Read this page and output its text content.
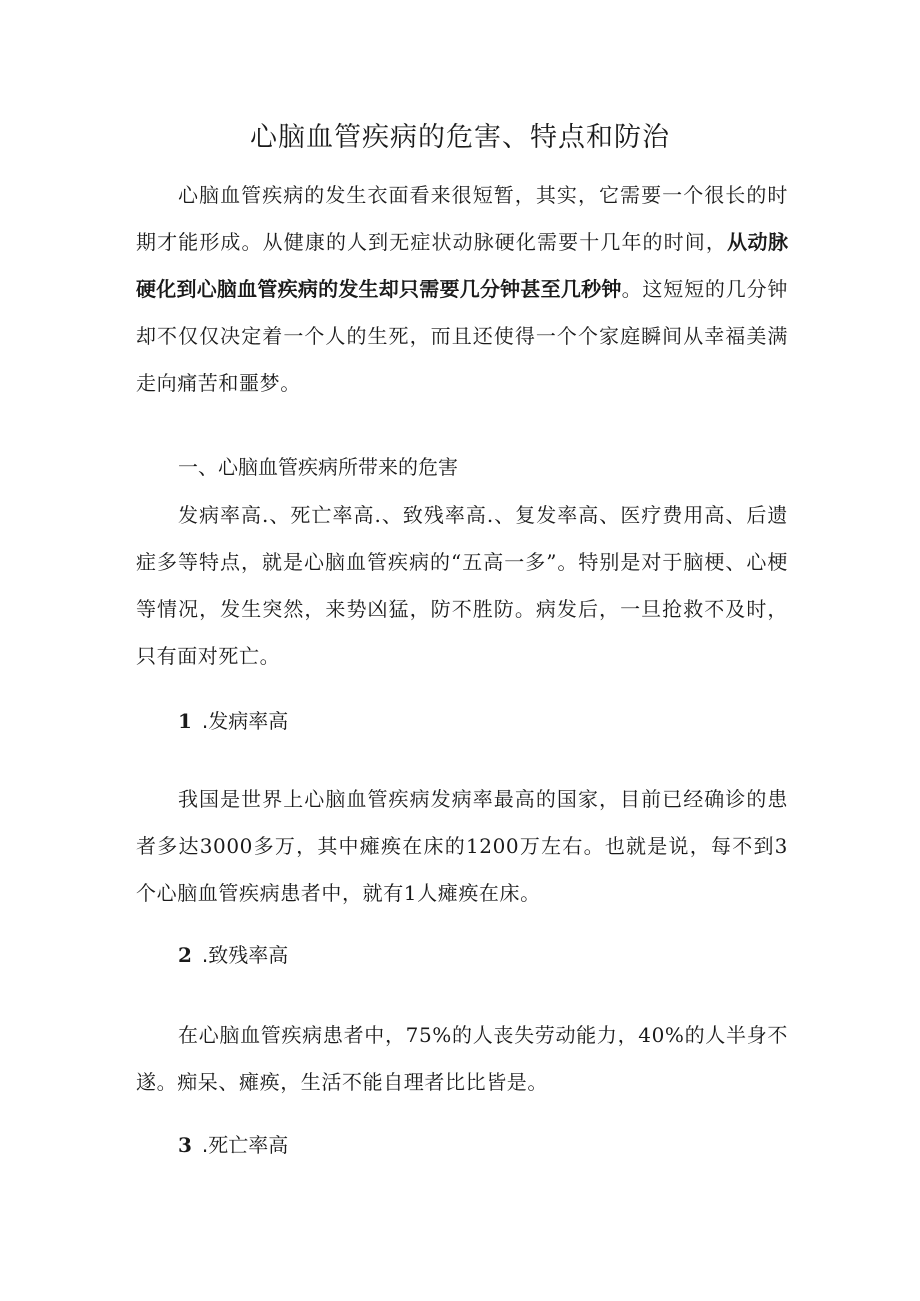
心脑血管疾病的危害、特点和防治

心脑血管疾病的发生衣面看来很短暂，其实，它需要一个很长的时期才能形成。从健康的人到无症状动脉硬化需要十几年的时间，从动脉硬化到心脑血管疾病的发生却只需要几分钟甚至几秒钟。这短短的几分钟却不仅仅决定着一个人的生死，而且还使得一个个家庭瞬间从幸福美满走向痛苦和噩梦。

一、心脑血管疾病所带来的危害

发病率高.、死亡率高.、致残率高.、复发率高、医疗费用高、后遗症多等特点，就是心脑血管疾病的“五高一多”。特别是对于脑梗、心梗等情况，发生突然，来势凶猛，防不胜防。病发后，一旦抢救不及时，只有面对死亡。

1 .发病率高

我国是世界上心脑血管疾病发病率最高的国家，目前已经确诊的患者多达3000多万，其中瘫痪在床的1200万左右。也就是说，每不到3个心脑血管疾病患者中，就有1人瘫痪在床。

2 .致残率高

在心脑血管疾病患者中，75%的人丧失劳动能力，40%的人半身不遂。痴呆、瘫痪，生活不能自理者比比皆是。

3 .死亡率高
